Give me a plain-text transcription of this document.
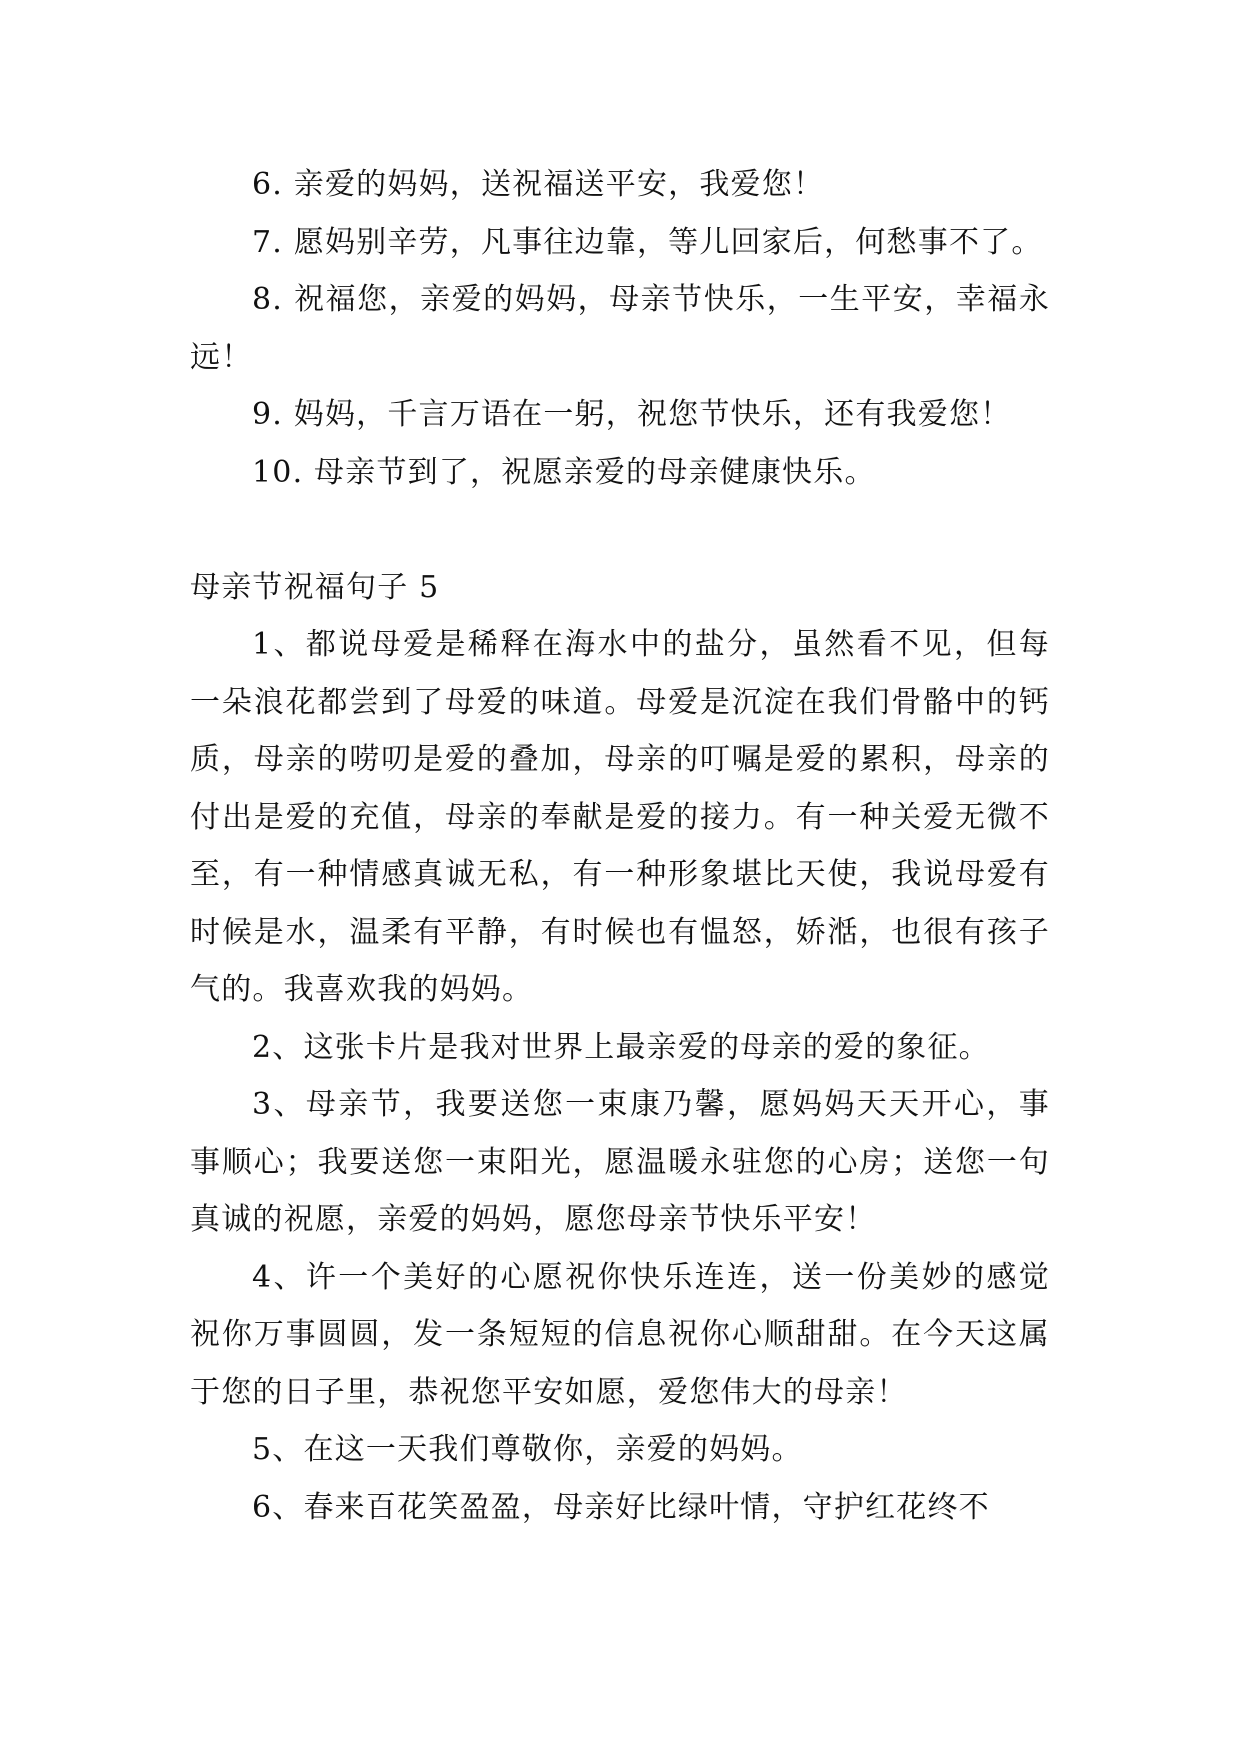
6. 亲爱的妈妈，送祝福送平安，我爱您！

7. 愿妈别辛劳，凡事往边靠，等儿回家后，何愁事不了。

8. 祝福您，亲爱的妈妈，母亲节快乐，一生平安，幸福永远！

9. 妈妈，千言万语在一躬，祝您节快乐，还有我爱您！

10. 母亲节到了，祝愿亲爱的母亲健康快乐。

母亲节祝福句子 5

1、都说母爱是稀释在海水中的盐分，虽然看不见，但每一朵浪花都尝到了母爱的味道。母爱是沉淀在我们骨骼中的钙质，母亲的唠叨是爱的叠加，母亲的叮嘱是爱的累积，母亲的付出是爱的充值，母亲的奉献是爱的接力。有一种关爱无微不至，有一种情感真诚无私，有一种形象堪比天使，我说母爱有时候是水，温柔有平静，有时候也有愠怒，娇湉，也很有孩子气的。我喜欢我的妈妈。

2、这张卡片是我对世界上最亲爱的母亲的爱的象征。

3、母亲节，我要送您一束康乃馨，愿妈妈天天开心，事事顺心；我要送您一束阳光，愿温暖永驻您的心房；送您一句真诚的祝愿，亲爱的妈妈，愿您母亲节快乐平安！

4、许一个美好的心愿祝你快乐连连，送一份美妙的感觉祝你万事圆圆，发一条短短的信息祝你心顺甜甜。在今天这属于您的日子里，恭祝您平安如愿，爱您伟大的母亲！

5、在这一天我们尊敬你，亲爱的妈妈。

6、春来百花笑盈盈，母亲好比绿叶情，守护红花终不
